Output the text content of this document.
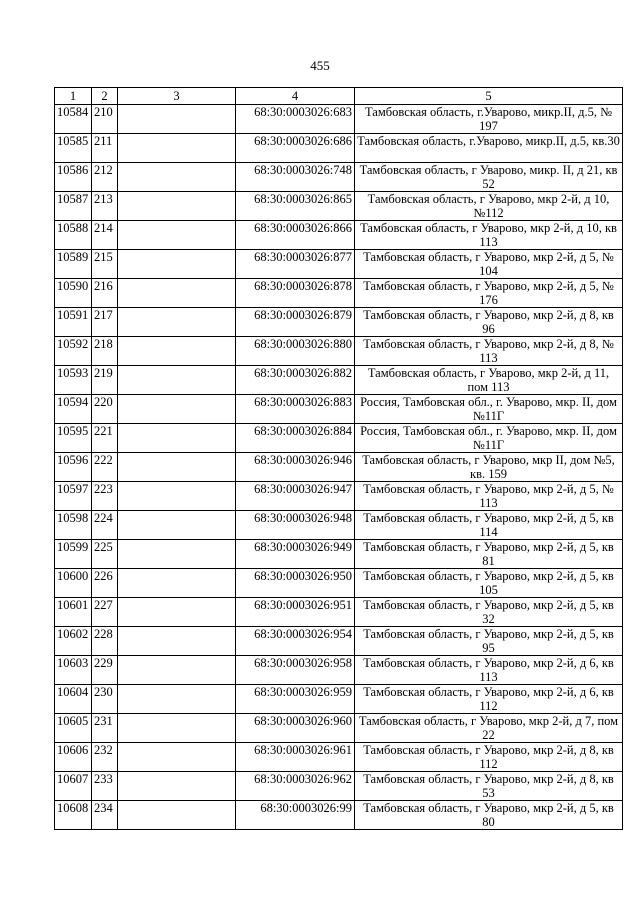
455
1	2	3	4	5
10584	210		68:30:0003026:683	Тамбовская область, г.Уварово, микр.II, д.5, № 197
10585	211		68:30:0003026:686	Тамбовская область, г.Уварово, микр.II, д.5, кв.30
10586	212		68:30:0003026:748	Тамбовская область, г Уварово, микр. II, д 21, кв 52
10587	213		68:30:0003026:865	Тамбовская область, г Уварово, мкр 2-й, д 10, №112
10588	214		68:30:0003026:866	Тамбовская область, г Уварово, мкр 2-й, д 10, кв 113
10589	215		68:30:0003026:877	Тамбовская область, г Уварово, мкр 2-й, д 5, № 104
10590	216		68:30:0003026:878	Тамбовская область, г Уварово, мкр 2-й, д 5, № 176
10591	217		68:30:0003026:879	Тамбовская область, г Уварово, мкр 2-й, д 8, кв 96
10592	218		68:30:0003026:880	Тамбовская область, г Уварово, мкр 2-й, д 8, № 113
10593	219		68:30:0003026:882	Тамбовская область, г Уварово, мкр 2-й, д 11, пом 113
10594	220		68:30:0003026:883	Россия, Тамбовская обл., г. Уварово, мкр. II, дом №11Г
10595	221		68:30:0003026:884	Россия, Тамбовская обл., г. Уварово, мкр. II, дом №11Г
10596	222		68:30:0003026:946	Тамбовская область, г Уварово, мкр II, дом №5, кв. 159
10597	223		68:30:0003026:947	Тамбовская область, г Уварово, мкр 2-й, д 5, № 113
10598	224		68:30:0003026:948	Тамбовская область, г Уварово, мкр 2-й, д 5, кв 114
10599	225		68:30:0003026:949	Тамбовская область, г Уварово, мкр 2-й, д 5, кв 81
10600	226		68:30:0003026:950	Тамбовская область, г Уварово, мкр 2-й, д 5, кв 105
10601	227		68:30:0003026:951	Тамбовская область, г Уварово, мкр 2-й, д 5, кв 32
10602	228		68:30:0003026:954	Тамбовская область, г Уварово, мкр 2-й, д 5, кв 95
10603	229		68:30:0003026:958	Тамбовская область, г Уварово, мкр 2-й, д 6, кв 113
10604	230		68:30:0003026:959	Тамбовская область, г Уварово, мкр 2-й, д 6, кв 112
10605	231		68:30:0003026:960	Тамбовская область, г Уварово, мкр 2-й, д 7, пом 22
10606	232		68:30:0003026:961	Тамбовская область, г Уварово, мкр 2-й, д 8, кв 112
10607	233		68:30:0003026:962	Тамбовская область, г Уварово, мкр 2-й, д 8, кв 53
10608	234		68:30:0003026:99	Тамбовская область, г Уварово, мкр 2-й, д 5, кв 80
